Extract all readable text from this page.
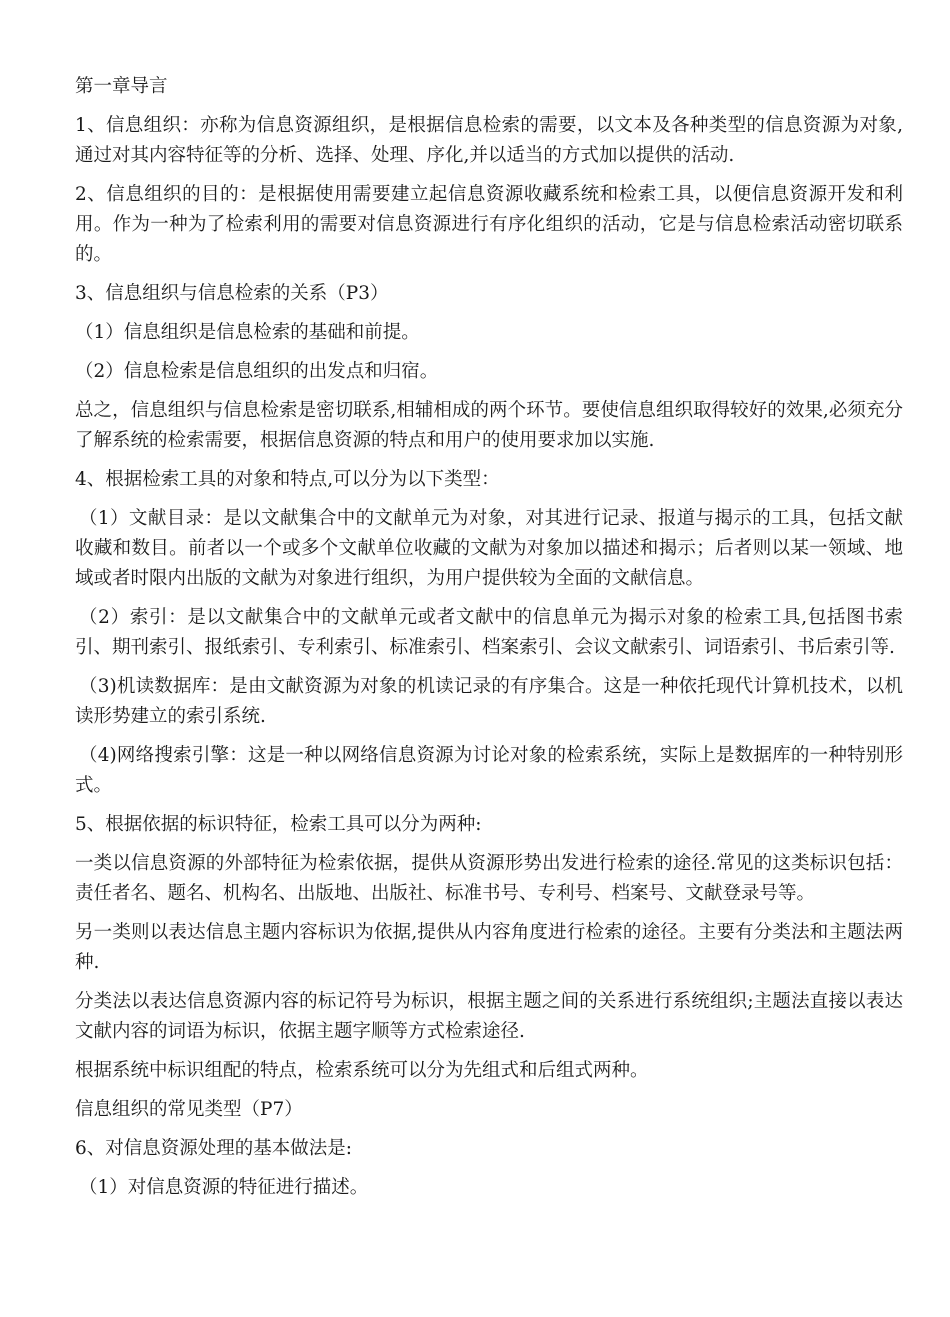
第一章导言

1、信息组织：亦称为信息资源组织，是根据信息检索的需要，以文本及各种类型的信息资源为对象,通过对其内容特征等的分析、选择、处理、序化,并以适当的方式加以提供的活动.

2、信息组织的目的：是根据使用需要建立起信息资源收藏系统和检索工具，以便信息资源开发和利用。作为一种为了检索利用的需要对信息资源进行有序化组织的活动，它是与信息检索活动密切联系的。

3、信息组织与信息检索的关系（P3）

（1）信息组织是信息检索的基础和前提。

（2）信息检索是信息组织的出发点和归宿。

总之，信息组织与信息检索是密切联系,相辅相成的两个环节。要使信息组织取得较好的效果,必须充分了解系统的检索需要，根据信息资源的特点和用户的使用要求加以实施.

4、根据检索工具的对象和特点,可以分为以下类型：

（1）文献目录：是以文献集合中的文献单元为对象，对其进行记录、报道与揭示的工具，包括文献收藏和数目。前者以一个或多个文献单位收藏的文献为对象加以描述和揭示；后者则以某一领域、地域或者时限内出版的文献为对象进行组织，为用户提供较为全面的文献信息。

（2）索引：是以文献集合中的文献单元或者文献中的信息单元为揭示对象的检索工具,包括图书索引、期刊索引、报纸索引、专利索引、标准索引、档案索引、会议文献索引、词语索引、书后索引等.

（3)机读数据库：是由文献资源为对象的机读记录的有序集合。这是一种依托现代计算机技术，以机读形势建立的索引系统.

（4)网络搜索引擎：这是一种以网络信息资源为讨论对象的检索系统，实际上是数据库的一种特别形式。

5、根据依据的标识特征，检索工具可以分为两种:

一类以信息资源的外部特征为检索依据，提供从资源形势出发进行检索的途径.常见的这类标识包括：责任者名、题名、机构名、出版地、出版社、标准书号、专利号、档案号、文献登录号等。

另一类则以表达信息主题内容标识为依据,提供从内容角度进行检索的途径。主要有分类法和主题法两种.

分类法以表达信息资源内容的标记符号为标识，根据主题之间的关系进行系统组织;主题法直接以表达文献内容的词语为标识，依据主题字顺等方式检索途径.

根据系统中标识组配的特点，检索系统可以分为先组式和后组式两种。

信息组织的常见类型（P7）

6、对信息资源处理的基本做法是:

（1）对信息资源的特征进行描述。
